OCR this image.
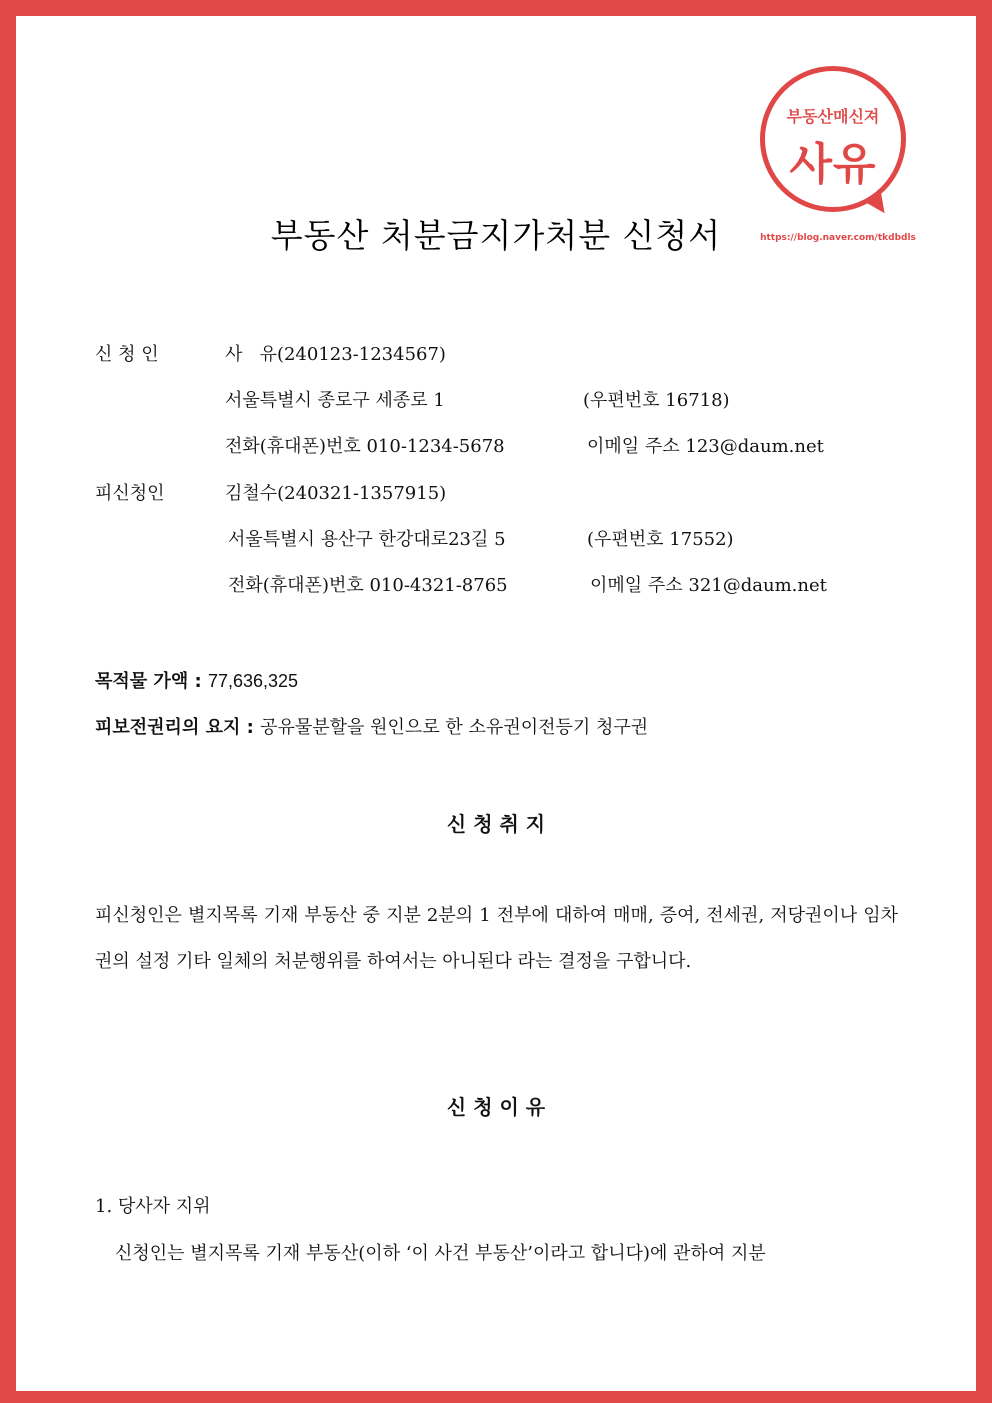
부동산매신져
사유
https://blog.naver.com/tkdbdls
부동산 처분금지가처분 신청서
신 청 인	사   유(240123-1234567)
서울특별시 종로구 세종로 1	(우편번호 16718)
전화(휴대폰)번호 010-1234-5678	이메일 주소 123@daum.net
피신청인	김철수(240321-1357915)
서울특별시 용산구 한강대로23길 5	(우편번호 17552)
전화(휴대폰)번호 010-4321-8765	이메일 주소 321@daum.net
목적물 가액 : 77,636,325
피보전권리의 요지 : 공유물분할을 원인으로 한 소유권이전등기 청구권
신 청 취 지
피신청인은 별지목록 기재 부동산 중 지분 2분의 1 전부에 대하여 매매, 증여, 전세권, 저당권이나 임차권의 설정 기타 일체의 처분행위를 하여서는 아니된다 라는 결정을 구합니다.
신 청 이 유
1. 당사자 지위
신청인는 별지목록 기재 부동산(이하 ‘이 사건 부동산’이라고 합니다)에 관하여 지분
